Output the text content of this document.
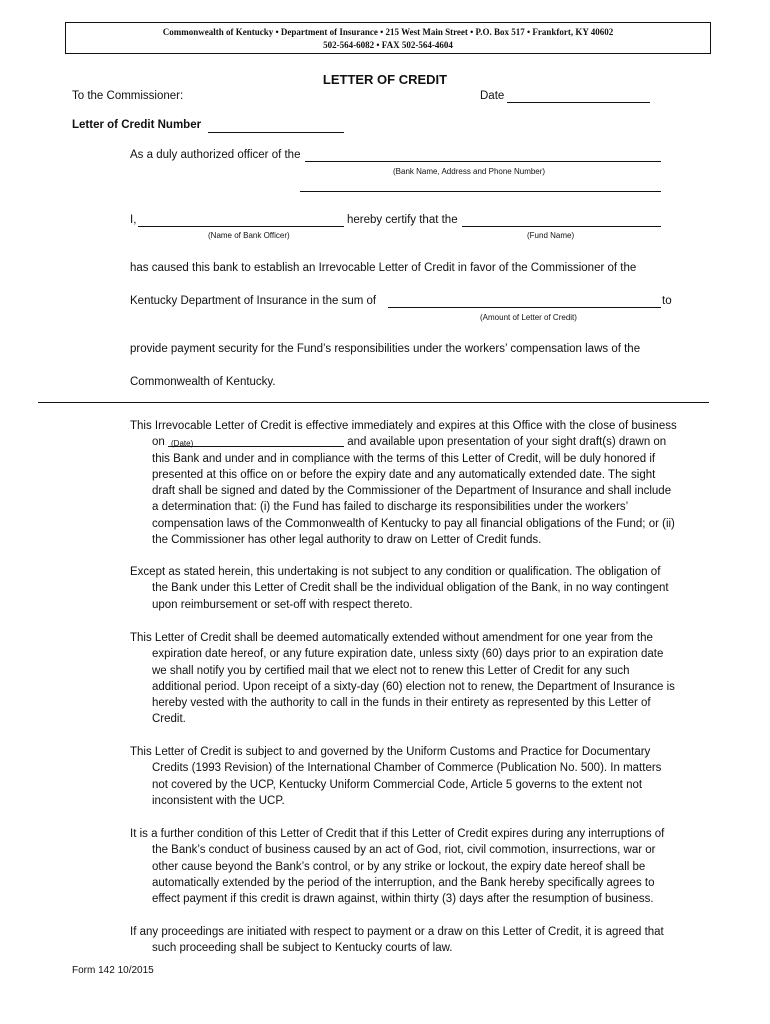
Commonwealth of Kentucky • Department of Insurance • 215 West Main Street • P.O. Box 517 • Frankfort, KY 40602
502-564-6082 • FAX 502-564-4604
LETTER OF CREDIT
To the Commissioner:	Date
Letter of Credit Number
As a duly authorized officer of the
(Bank Name, Address and Phone Number)
I,	hereby certify that the
(Name of Bank Officer)	(Fund Name)
has caused this bank to establish an Irrevocable Letter of Credit in favor of the Commissioner of the
Kentucky Department of Insurance in the sum of	to
(Amount of Letter of Credit)
provide payment security for the Fund’s responsibilities under the workers’ compensation laws of the
Commonwealth of Kentucky.
This Irrevocable Letter of Credit is effective immediately and expires at this Office with the close of business
on (Date)	and available upon presentation of your sight draft(s) drawn on
this Bank and under and in compliance with the terms of this Letter of Credit, will be duly honored if
presented at this office on or before the expiry date and any automatically extended date. The sight
draft shall be signed and dated by the Commissioner of the Department of Insurance and shall include
a determination that: (i) the Fund has failed to discharge its responsibilities under the workers’
compensation laws of the Commonwealth of Kentucky to pay all financial obligations of the Fund; or (ii)
the Commissioner has other legal authority to draw on Letter of Credit funds.
Except as stated herein, this undertaking is not subject to any condition or qualification. The obligation of
the Bank under this Letter of Credit shall be the individual obligation of the Bank, in no way contingent
upon reimbursement or set-off with respect thereto.
This Letter of Credit shall be deemed automatically extended without amendment for one year from the
expiration date hereof, or any future expiration date, unless sixty (60) days prior to an expiration date
we shall notify you by certified mail that we elect not to renew this Letter of Credit for any such
additional period. Upon receipt of a sixty-day (60) election not to renew, the Department of Insurance is
hereby vested with the authority to call in the funds in their entirety as represented by this Letter of
Credit.
This Letter of Credit is subject to and governed by the Uniform Customs and Practice for Documentary
Credits (1993 Revision) of the International Chamber of Commerce (Publication No. 500). In matters
not covered by the UCP, Kentucky Uniform Commercial Code, Article 5 governs to the extent not
inconsistent with the UCP.
It is a further condition of this Letter of Credit that if this Letter of Credit expires during any interruptions of
the Bank’s conduct of business caused by an act of God, riot, civil commotion, insurrections, war or
other cause beyond the Bank’s control, or by any strike or lockout, the expiry date hereof shall be
automatically extended by the period of the interruption, and the Bank hereby specifically agrees to
effect payment if this credit is drawn against, within thirty (3) days after the resumption of business.
If any proceedings are initiated with respect to payment or a draw on this Letter of Credit, it is agreed that
such proceeding shall be subject to Kentucky courts of law.
Form 142 10/2015
